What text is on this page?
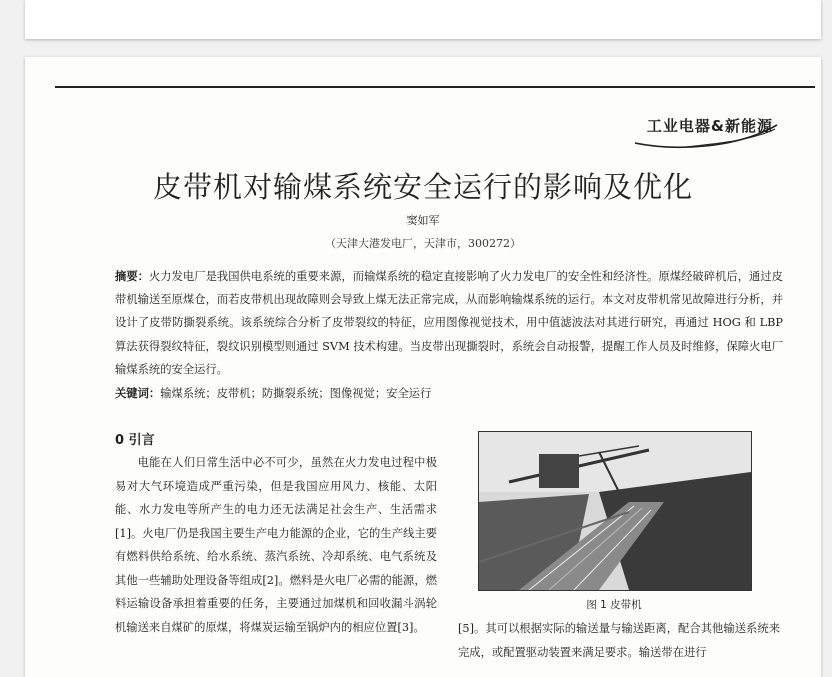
工业电器&新能源
皮带机对输煤系统安全运行的影响及优化
窦如军
（天津大港发电厂，天津市，300272）
摘要：火力发电厂是我国供电系统的重要来源，而输煤系统的稳定直接影响了火力发电厂的安全性和经济性。原煤经破碎机后，通过皮带机输送至原煤仓，而若皮带机出现故障则会导致上煤无法正常完成，从而影响输煤系统的运行。本文对皮带机常见故障进行分析，并设计了皮带防撕裂系统。该系统综合分析了皮带裂纹的特征，应用图像视觉技术，用中值滤波法对其进行研究，再通过 HOG 和 LBP 算法获得裂纹特征，裂纹识别模型则通过 SVM 技术构建。当皮带出现撕裂时，系统会自动报警，提醒工作人员及时维修，保障火电厂输煤系统的安全运行。
关键词：输煤系统；皮带机；防撕裂系统；图像视觉；安全运行
0 引言
电能在人们日常生活中必不可少，虽然在火力发电过程中极易对大气环境造成严重污染，但是我国应用风力、核能、太阳能、水力发电等所产生的电力还无法满足社会生产、生活需求[1]。火电厂仍是我国主要生产电力能源的企业，它的生产线主要有燃料供给系统、给水系统、蒸汽系统、冷却系统、电气系统及其他一些辅助处理设备等组成[2]。燃料是火电厂必需的能源，燃料运输设备承担着重要的任务，主要通过加煤机和回收漏斗涡轮机输送来自煤矿的原煤，将煤炭运输至锅炉内的相应位置[3]。
图 1 皮带机
[5]。其可以根据实际的输送量与输送距离，配合其他输送系统来完成，或配置驱动装置来满足要求。输送带在进行
